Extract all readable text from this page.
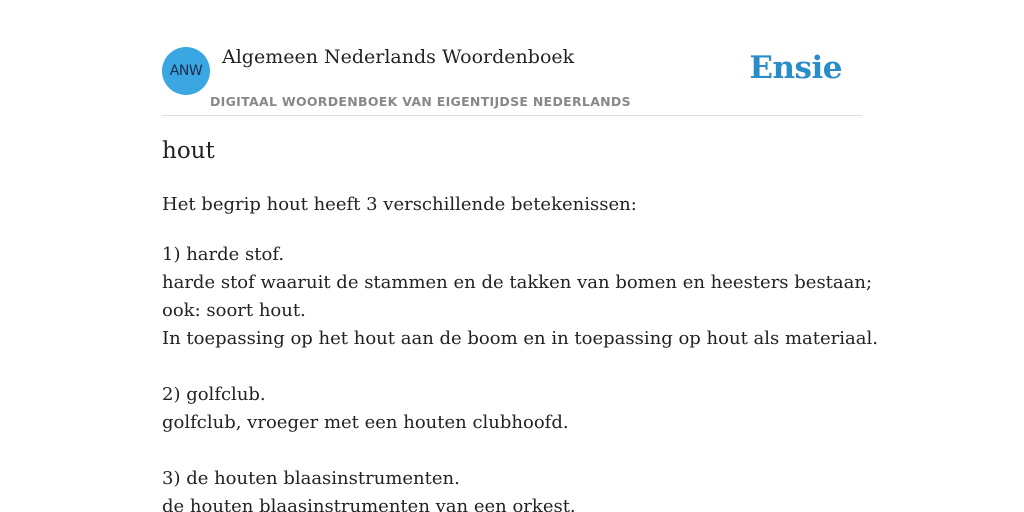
ANW
Algemeen Nederlands Woordenboek
DIGITAAL WOORDENBOEK VAN EIGENTIJDSE NEDERLANDS
Ensie
hout

Het begrip hout heeft 3 verschillende betekenissen:

1) harde stof.
harde stof waaruit de stammen en de takken van bomen en heesters bestaan;
ook: soort hout.
In toepassing op het hout aan de boom en in toepassing op hout als materiaal.
2) golfclub.
golfclub, vroeger met een houten clubhoofd.
3) de houten blaasinstrumenten.
de houten blaasinstrumenten van een orkest.
